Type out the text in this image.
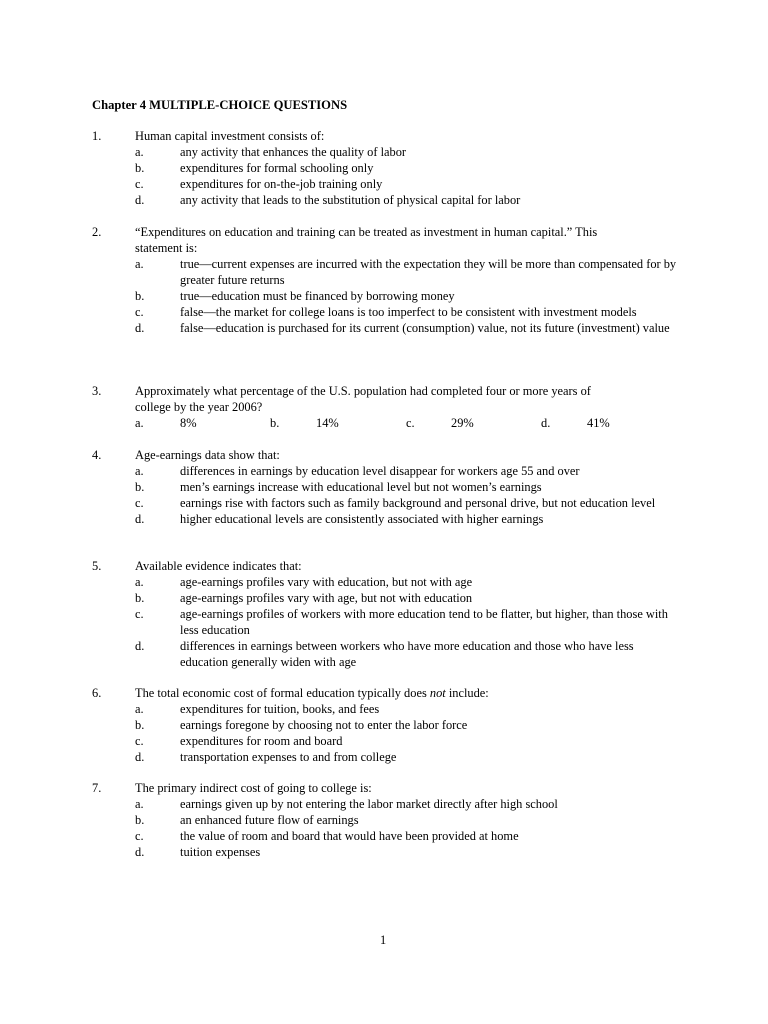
Chapter 4 MULTIPLE-CHOICE QUESTIONS
1.	Human capital investment consists of:
a.	any activity that enhances the quality of labor
b.	expenditures for formal schooling only
c.	expenditures for on-the-job training only
d.	any activity that leads to the substitution of physical capital for labor
2.	“Expenditures on education and training can be treated as investment in human capital.” This
statement is:
a.	true—current expenses are incurred with the expectation they will be more than compensated for by greater future returns
b.	true—education must be financed by borrowing money
c.	false—the market for college loans is too imperfect to be consistent with investment models
d.	false—education is purchased for its current (consumption) value, not its future (investment) value
3.	Approximately what percentage of the U.S. population had completed four or more years of
college by the year 2006?
a.	8%	b.	14%	c.	29%	d.	41%
4.	Age-earnings data show that:
a.	differences in earnings by education level disappear for workers age 55 and over
b.	men’s earnings increase with educational level but not women’s earnings
c.	earnings rise with factors such as family background and personal drive, but not education level
d.	higher educational levels are consistently associated with higher earnings
5.	Available evidence indicates that:
a.	age-earnings profiles vary with education, but not with age
b.	age-earnings profiles vary with age, but not with education
c.	age-earnings profiles of workers with more education tend to be flatter, but higher, than those with less education
d.	differences in earnings between workers who have more education and those who have less education generally widen with age
6.	The total economic cost of formal education typically does not include:
a.	expenditures for tuition, books, and fees
b.	earnings foregone by choosing not to enter the labor force
c.	expenditures for room and board
d.	transportation expenses to and from college
7.	The primary indirect cost of going to college is:
a.	earnings given up by not entering the labor market directly after high school
b.	an enhanced future flow of earnings
c.	the value of room and board that would have been provided at home
d.	tuition expenses
1
